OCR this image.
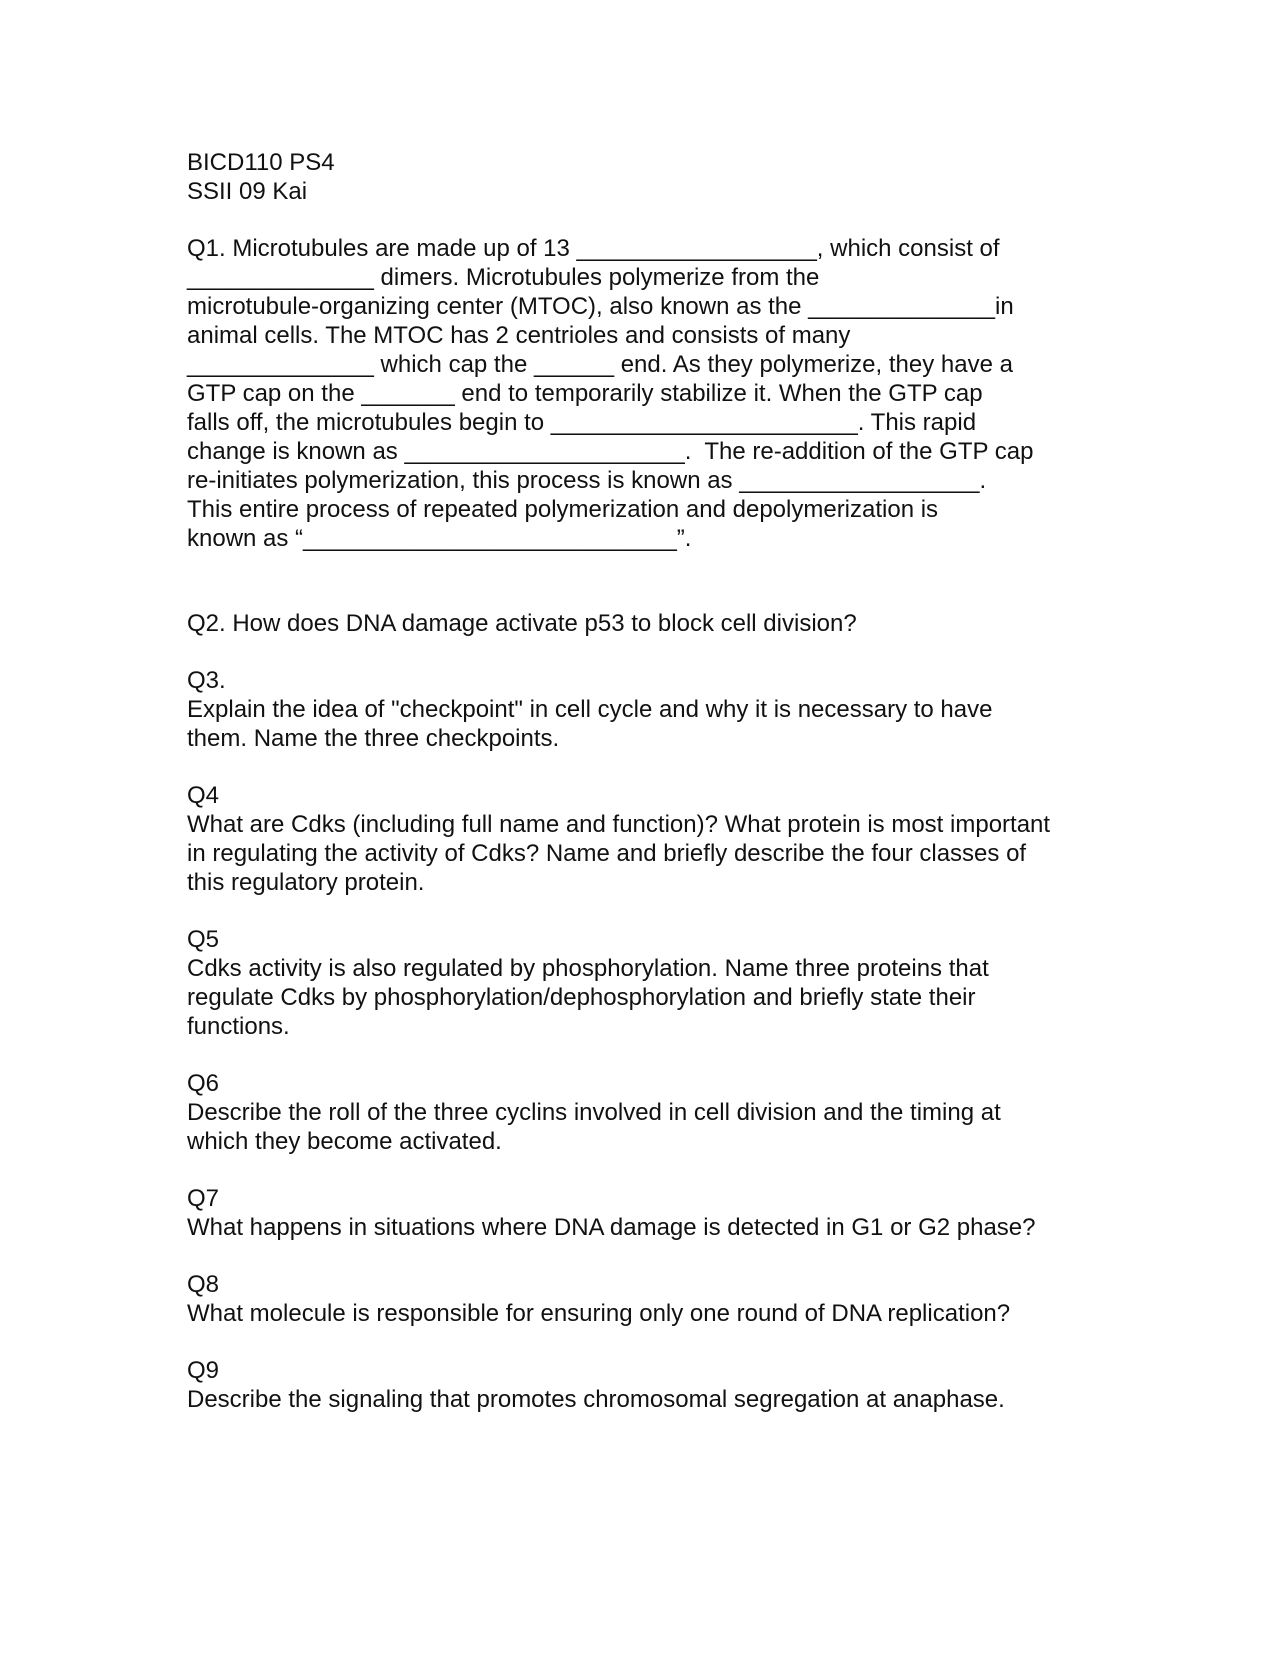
BICD110 PS4
SSII 09 Kai
Q1. Microtubules are made up of 13 __________________, which consist of
______________ dimers. Microtubules polymerize from the
microtubule-organizing center (MTOC), also known as the ______________in
animal cells. The MTOC has 2 centrioles and consists of many
______________ which cap the ______ end. As they polymerize, they have a
GTP cap on the _______ end to temporarily stabilize it. When the GTP cap
falls off, the microtubules begin to _______________________. This rapid
change is known as _____________________.  The re-addition of the GTP cap
re-initiates polymerization, this process is known as __________________.
This entire process of repeated polymerization and depolymerization is
known as “____________________________”.
Q2. How does DNA damage activate p53 to block cell division?
Q3.
Explain the idea of "checkpoint" in cell cycle and why it is necessary to have
them. Name the three checkpoints.
Q4
What are Cdks (including full name and function)? What protein is most important
in regulating the activity of Cdks? Name and briefly describe the four classes of
this regulatory protein.
Q5
Cdks activity is also regulated by phosphorylation. Name three proteins that
regulate Cdks by phosphorylation/dephosphorylation and briefly state their
functions.
Q6
Describe the roll of the three cyclins involved in cell division and the timing at
which they become activated.
Q7
What happens in situations where DNA damage is detected in G1 or G2 phase?
Q8
What molecule is responsible for ensuring only one round of DNA replication?
Q9
Describe the signaling that promotes chromosomal segregation at anaphase.
